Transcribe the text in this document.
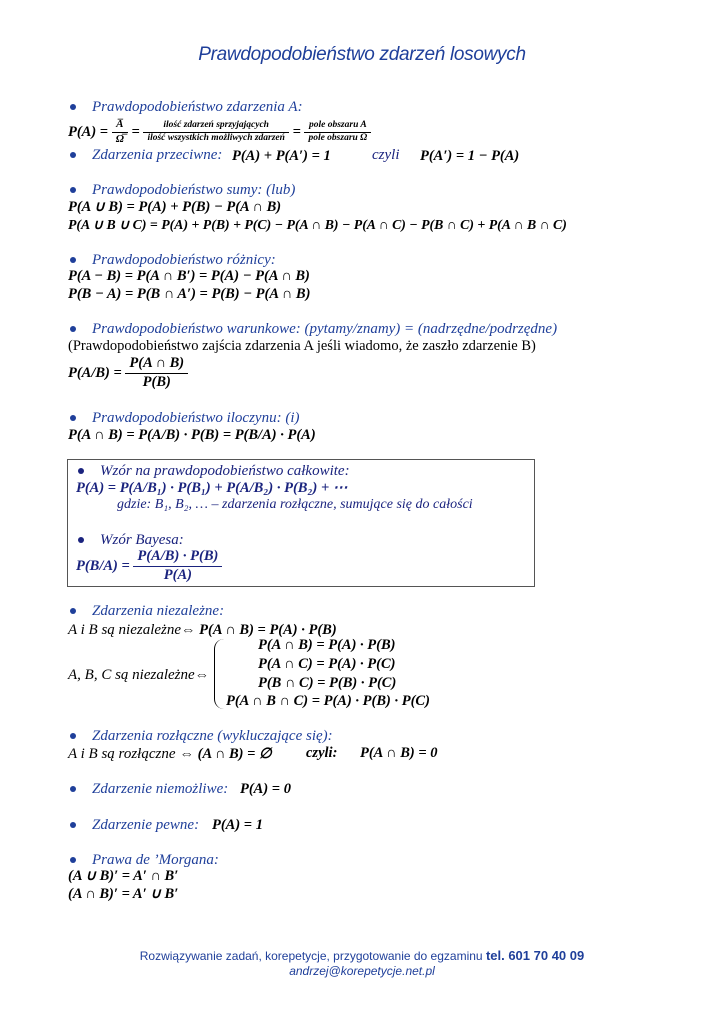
Prawdopodobieństwo zdarzeń losowych
Prawdopodobieństwo zdarzenia A:
P(A) =
$\frac{A̅}{\Omega̅}$
=
$\frac{\text{ilość zdarzeń sprzyjających}}{\text{ilość wszystkich możliwych zdarzeń}}$
=
$\frac{\text{pole obszaru A}}{\text{pole obszaru Ω}}$
Zdarzenia przeciwne: P(A) + P(A′) = 1	czyli P(A′) = 1 − P(A)
Prawdopodobieństwo sumy: (lub)
P(A ∪ B) = P(A) + P(B) − P(A ∩ B)
P(A ∪ B ∪ C) = P(A) + P(B) + P(C) − P(A ∩ B) − P(A ∩ C) − P(B ∩ C) + P(A ∩ B ∩ C)
Prawdopodobieństwo różnicy:
P(A − B) = P(A ∩ B′) = P(A) − P(A ∩ B)
P(B − A) = P(B ∩ A′) = P(B) − P(A ∩ B)
Prawdopodobieństwo warunkowe: (pytamy/znamy) = (nadrzędne/podrzędne)
(Prawdopodobieństwo zajścia zdarzenia A jeśli wiadomo, że zaszło zdarzenie B)
P(A/B) =
$\frac{P(A \cap B)}{P(B)}$
Prawdopodobieństwo iloczynu: (i)
P(A ∩ B) = P(A/B) · P(B) = P(B/A) · P(A)
Wzór na prawdopodobieństwo całkowite:
P(A) = P(A/B₁) · P(B₁) + P(A/B₂) · P(B₂) + ⋯
gdzie: B₁, B₂, … – zdarzenia rozłączne, sumujące się do całości
Wzór Bayesa:
P(B/A) =
$\frac{P(A/B) \cdot P(B)}{P(A)}$
Zdarzenia niezależne:
A i B są niezależne⇔ P(A ∩ B) = P(A) · P(B)
A, B, C są niezależne⇔
P(A ∩ B) = P(A) · P(B)
P(A ∩ C) = P(A) · P(C)
P(B ∩ C) = P(B) · P(C)
P(A ∩ B ∩ C) = P(A) · P(B) · P(C)
Zdarzenia rozłączne (wykluczające się):
A i B są rozłączne ⇔ (A ∩ B) = ∅ czyli: P(A ∩ B) = 0
Zdarzenie niemożliwe: P(A) = 0
Zdarzenie pewne: P(A) = 1
Prawa de ’Morgana:
(A ∪ B)′ = A′ ∩ B′
(A ∩ B)′ = A′ ∪ B′
Rozwiązywanie zadań, korepetycje, przygotowanie do egzaminu tel. 601 70 40 09
andrzej@korepetycje.net.pl
